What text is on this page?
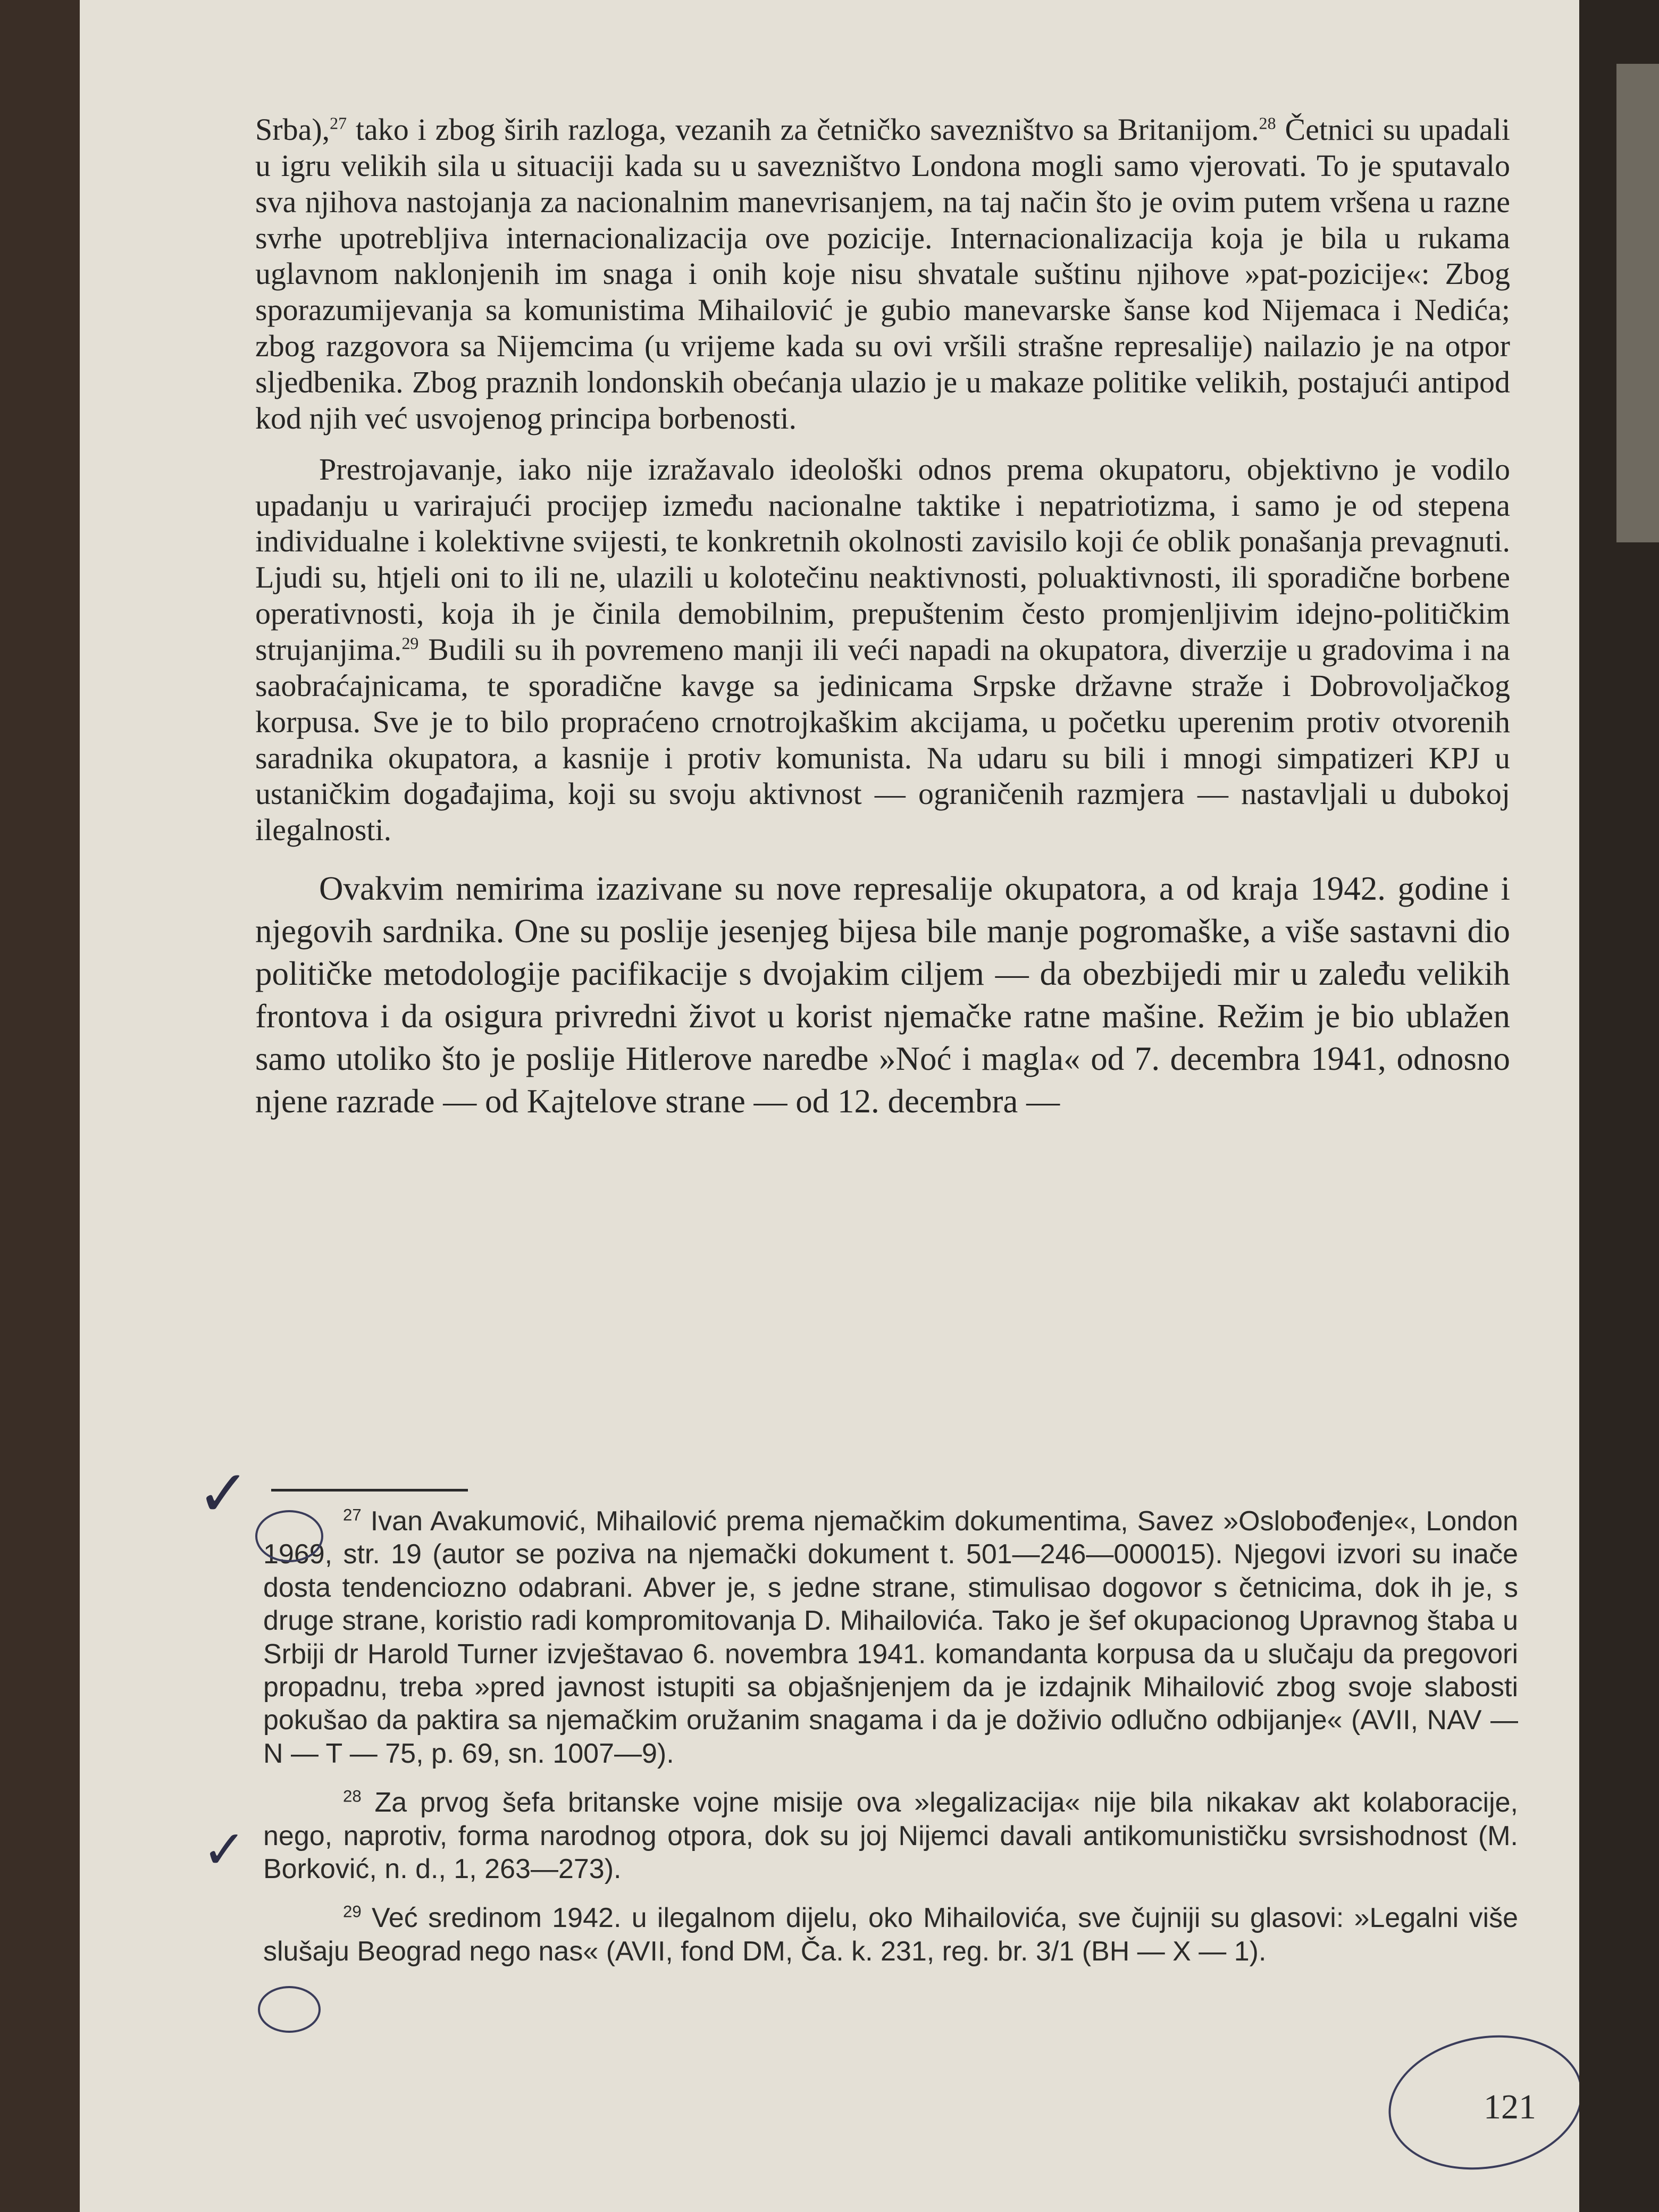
Srba),$^{27}$ tako i zbog širih razloga, vezanih za četničko savezništvo sa Britanijom.$^{28}$ Četnici su upadali u igru velikih sila u situaciji kada su u savezništvo Londona mogli samo vjerovati. To je sputavalo sva njihova nastojanja za nacionalnim manevrisanjem, na taj način što je ovim putem vršena u razne svrhe upotrebljiva internacionalizacija ove pozicije. Internacionalizacija koja je bila u rukama uglavnom naklonjenih im snaga i onih koje nisu shvatale suštinu njihove »pat-pozicije«: Zbog sporazumijevanja sa komunistima Mihailović je gubio manevarske šanse kod Nijemaca i Nedića; zbog razgovora sa Nijemcima (u vrijeme kada su ovi vršili strašne represalije) nailazio je na otpor sljedbenika. Zbog praznih londonskih obećanja ulazio je u makaze politike velikih, postajući antipod kod njih već usvojenog principa borbenosti.

Prestrojavanje, iako nije izražavalo ideološki odnos prema okupatoru, objektivno je vodilo upadanju u varirajući procijep između nacionalne taktike i nepatriotizma, i samo je od stepena individualne i kolektivne svijesti, te konkretnih okolnosti zavisilo koji će oblik ponašanja prevagnuti. Ljudi su, htjeli oni to ili ne, ulazili u kolotečinu neaktivnosti, poluaktivnosti, ili sporadične borbene operativnosti, koja ih je činila demobilnim, prepuštenim često promjenljivim idejno-političkim strujanjima.$^{29}$ Budili su ih povremeno manji ili veći napadi na okupatora, diverzije u gradovima i na saobraćajnicama, te sporadične kavge sa jedinicama Srpske državne straže i Dobrovoljačkog korpusa. Sve je to bilo propraćeno crnotrojkaškim akcijama, u početku uperenim protiv otvorenih saradnika okupatora, a kasnije i protiv komunista. Na udaru su bili i mnogi simpatizeri KPJ u ustaničkim događajima, koji su svoju aktivnost — ograničenih razmjera — nastavljali u dubokoj ilegalnosti.

Ovakvim nemirima izazivane su nove represalije okupatora, a od kraja 1942. godine i njegovih sardnika. One su poslije jesenjeg bijesa bile manje pogromaške, a više sastavni dio političke metodologije pacifikacije s dvojakim ciljem — da obezbijedi mir u zaleđu velikih frontova i da osigura privredni život u korist njemačke ratne mašine. Režim je bio ublažen samo utoliko što je poslije Hitlerove naredbe »Noć i magla« od 7. decembra 1941, odnosno njene razrade — od Kajtelove strane — od 12. decembra —

$^{27}$ Ivan Avakumović, Mihailović prema njemačkim dokumentima, Savez »Oslobođenje«, London 1969, str. 19 (autor se poziva na njemački dokument t. 501—246—000015). Njegovi izvori su inače dosta tendenciozno odabrani. Abver je, s jedne strane, stimulisao dogovor s četnicima, dok ih je, s druge strane, koristio radi kompromitovanja D. Mihailovića. Tako je šef okupacionog Upravnog štaba u Srbiji dr Harold Turner izvještavao 6. novembra 1941. komandanta korpusa da u slučaju da pregovori propadnu, treba »pred javnost istupiti sa objašnjenjem da je izdajnik Mihailović zbog svoje slabosti pokušao da paktira sa njemačkim oružanim snagama i da je doživio odlučno odbijanje« (AVII, NAV — N — T — 75, p. 69, sn. 1007—9).

$^{28}$ Za prvog šefa britanske vojne misije ova »legalizacija« nije bila nikakav akt kolaboracije, nego, naprotiv, forma narodnog otpora, dok su joj Nijemci davali antikomunističku svrsishodnost (M. Borković, n. d., 1, 263—273).

$^{29}$ Već sredinom 1942. u ilegalnom dijelu, oko Mihailovića, sve čujniji su glasovi: »Legalni više slušaju Beograd nego nas« (AVII, fond DM, Ča. k. 231, reg. br. 3/1 (BH — X — 1).

121
✓
✓
